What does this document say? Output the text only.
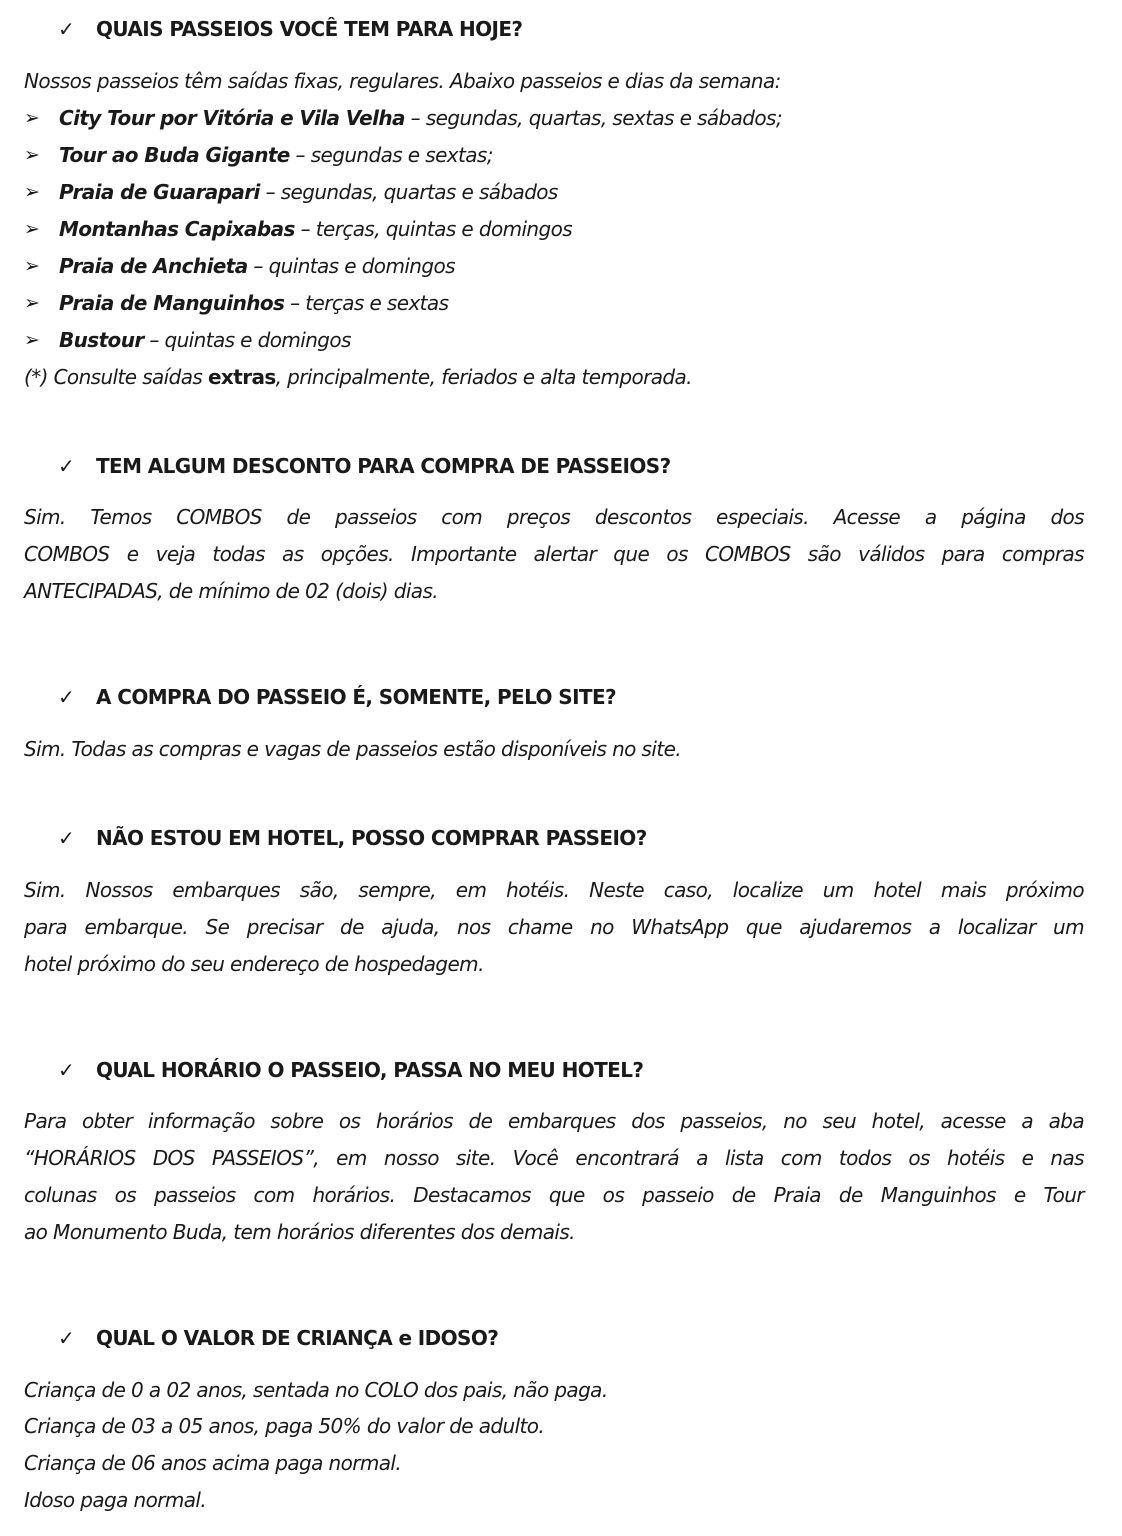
✓ QUAIS PASSEIOS VOCÊ TEM PARA HOJE?
Nossos passeios têm saídas fixas, regulares. Abaixo passeios e dias da semana:
➢ City Tour por Vitória e Vila Velha – segundas, quartas, sextas e sábados;
➢ Tour ao Buda Gigante – segundas e sextas;
➢ Praia de Guarapari – segundas, quartas e sábados
➢ Montanhas Capixabas – terças, quintas e domingos
➢ Praia de Anchieta – quintas e domingos
➢ Praia de Manguinhos – terças e sextas
➢ Bustour – quintas e domingos
(*) Consulte saídas extras, principalmente, feriados e alta temporada.
✓ TEM ALGUM DESCONTO PARA COMPRA DE PASSEIOS?
Sim. Temos COMBOS de passeios com preços descontos especiais. Acesse a página dos
COMBOS e veja todas as opções. Importante alertar que os COMBOS são válidos para compras
ANTECIPADAS, de mínimo de 02 (dois) dias.
✓ A COMPRA DO PASSEIO É, SOMENTE, PELO SITE?
Sim. Todas as compras e vagas de passeios estão disponíveis no site.
✓ NÃO ESTOU EM HOTEL, POSSO COMPRAR PASSEIO?
Sim. Nossos embarques são, sempre, em hotéis. Neste caso, localize um hotel mais próximo
para embarque. Se precisar de ajuda, nos chame no WhatsApp que ajudaremos a localizar um
hotel próximo do seu endereço de hospedagem.
✓ QUAL HORÁRIO O PASSEIO, PASSA NO MEU HOTEL?
Para obter informação sobre os horários de embarques dos passeios, no seu hotel, acesse a aba
“HORÁRIOS DOS PASSEIOS”, em nosso site. Você encontrará a lista com todos os hotéis e nas
colunas os passeios com horários. Destacamos que os passeio de Praia de Manguinhos e Tour
ao Monumento Buda, tem horários diferentes dos demais.
✓ QUAL O VALOR DE CRIANÇA e IDOSO?
Criança de 0 a 02 anos, sentada no COLO dos pais, não paga.
Criança de 03 a 05 anos, paga 50% do valor de adulto.
Criança de 06 anos acima paga normal.
Idoso paga normal.
